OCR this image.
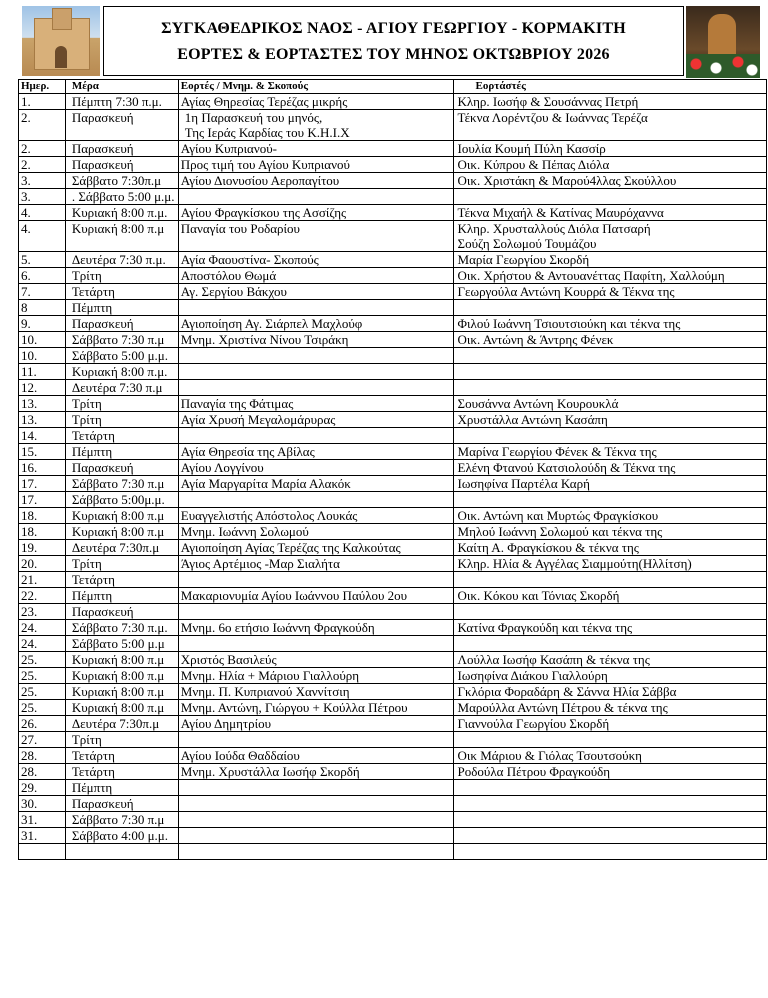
ΣΥΓΚΑΘΕΔΡΙΚΟΣ ΝΑΟΣ - ΑΓΙΟΥ ΓΕΩΡΓΙΟΥ - ΚΟΡΜΑΚΙΤΗ
ΕΟΡΤΕΣ & ΕΟΡΤΑΣΤΕΣ ΤΟΥ ΜΗΝΟΣ ΟΚΤΩΒΡΙΟΥ 2026
Ημερ.	Μέρα	Εορτές / Μνημ. & Σκοπούς	Εορτάστές

1.	Πέμπτη 7:30 π.μ.	Αγίας Θηρεσίας Τερέζας μικρής	Κληρ. Ιωσήφ & Σουσάννας Πετρή

2.	Παρασκευή	1η Παρασκευή του μηνός,
Της Ιεράς Καρδίας του Κ.Η.Ι.Χ	Τέκνα Λορέντζου & Ιωάννας Τερέζα

2.	Παρασκευή	Αγίου Κυπριανού-	Ιουλία Κουμή Πύλη Κασσίρ

2.	Παρασκευή	Προς τιμή του Αγίου Κυπριανού	Οικ. Κύπρου & Πέπας Διόλα

3.	Σάββατο 7:30π.μ	Αγίου Διονυσίου Αεροπαγίτου	Οικ. Χριστάκη & Μαρού4λλας Σκούλλου

3.	. Σάββατο 5:00 μ.μ.		

4.	Κυριακή 8:00 π.μ.	Αγίου Φραγκίσκου της Ασσίζης	Τέκνα Μιχαήλ & Κατίνας Μαυρόχαννα

4.	Κυριακή 8:00 π.μ	Παναγία του Ροδαρίου	Κληρ. Χρυσταλλούς Διόλα Πατσαρή
Σούζη Σολωμού Τουμάζου

5.	Δευτέρα 7:30 π.μ.	Αγία Φαουστίνα- Σκοπούς	Μαρία Γεωργίου Σκορδή

6.	Τρίτη	Αποστόλου Θωμά	Οικ. Χρήστου & Αντουανέττας Παφίτη, Χαλλούμη

7.	Τετάρτη	Αγ. Σεργίου Βάκχου	Γεωργούλα Αντώνη Κουρρά & Τέκνα της

8	Πέμπτη		

9.	Παρασκευή	Αγιοποίηση Αγ. Σιάρπελ Μαχλούφ	Φιλού Ιωάννη Τσιουτσιούκη και τέκνα της

10.	Σάββατο 7:30 π.μ	Μνημ. Χριστίνα Νίνου Τσιράκη	Οικ. Αντώνη & Άντρης Φένεκ

10.	Σάββατο 5:00 μ.μ.		

11.	Κυριακή 8:00 π.μ.		

12.	Δευτέρα 7:30 π.μ		

13.	Τρίτη	Παναγία της Φάτιμας	Σουσάννα Αντώνη Κουρουκλά

13.	Τρίτη	Αγία Χρυσή Μεγαλομάρυρας	Χρυστάλλα Αντώνη Κασάπη

14.	Τετάρτη		

15.	Πέμπτη	Αγία Θηρεσία της Αβίλας	Μαρίνα Γεωργίου Φένεκ & Τέκνα της

16.	Παρασκευή	Αγίου Λογγίνου	Ελένη Φτανού Κατσιολούδη & Τέκνα της

17.	Σάββατο 7:30 π.μ	Αγία Μαργαρίτα Μαρία Αλακόκ	Ιωσηφίνα Παρτέλα Καρή

17.	Σάββατο 5:00μ.μ.		

18.	Κυριακή 8:00 π.μ	Ευαγγελιστής Απόστολος Λουκάς	Οικ. Αντώνη και Μυρτώς Φραγκίσκου

18.	Κυριακή 8:00 π.μ	Μνημ. Ιωάννη Σολωμού	Μηλού Ιωάννη Σολωμού και τέκνα της

19.	Δευτέρα 7:30π.μ	Αγιοποίηση Αγίας Τερέζας της Καλκούτας	Καίτη Α. Φραγκίσκου & τέκνα της

20.	Τρίτη	Άγιος Αρτέμιος -Μαρ Σιαλήτα	Κληρ. Ηλία & Αγγέλας Σιαμμούτη(Ηλλίτση)

21.	Τετάρτη		

22.	Πέμπτη	Μακαριονυμία Αγίου Ιωάννου Παύλου 2ου	Οικ. Κόκου και Τόνιας Σκορδή

23.	Παρασκευή		

24.	Σάββατο 7:30 π.μ.	Μνημ. 6ο ετήσιο Ιωάννη Φραγκούδη	Κατίνα Φραγκούδη και τέκνα της

24.	Σάββατο 5:00 μ.μ		

25.	Κυριακή 8:00 π.μ	Χριστός Βασιλεύς	Λούλλα Ιωσήφ Κασάπη & τέκνα της

25.	Κυριακή 8:00 π.μ	Μνημ. Ηλία + Μάριου Γιαλλούρη	Ιωσηφίνα Διάκου Γιαλλούρη

25.	Κυριακή 8:00 π.μ	Μνημ. Π. Κυπριανού Χαννίτσιη	Γκλόρια Φοραδάρη & Σάννα Ηλία Σάββα

25.	Κυριακή 8:00 π.μ	Μνημ. Αντώνη, Γιώργου + Κούλλα Πέτρου	Μαρούλλα Αντώνη Πέτρου & τέκνα της

26.	Δευτέρα 7:30π.μ	Αγίου Δημητρίου	Γιαννούλα Γεωργίου Σκορδή

27.	Τρίτη		

28.	Τετάρτη	Αγίου Ιούδα Θαδδαίου	Οικ Μάριου & Γιόλας Τσουτσούκη

28.	Τετάρτη	Μνημ. Χρυστάλλα Ιωσήφ Σκορδή	Ροδούλα Πέτρου Φραγκούδη

29.	Πέμπτη		

30.	Παρασκευή		

31.	Σάββατο 7:30 π.μ		

31.	Σάββατο 4:00 μ.μ.		
